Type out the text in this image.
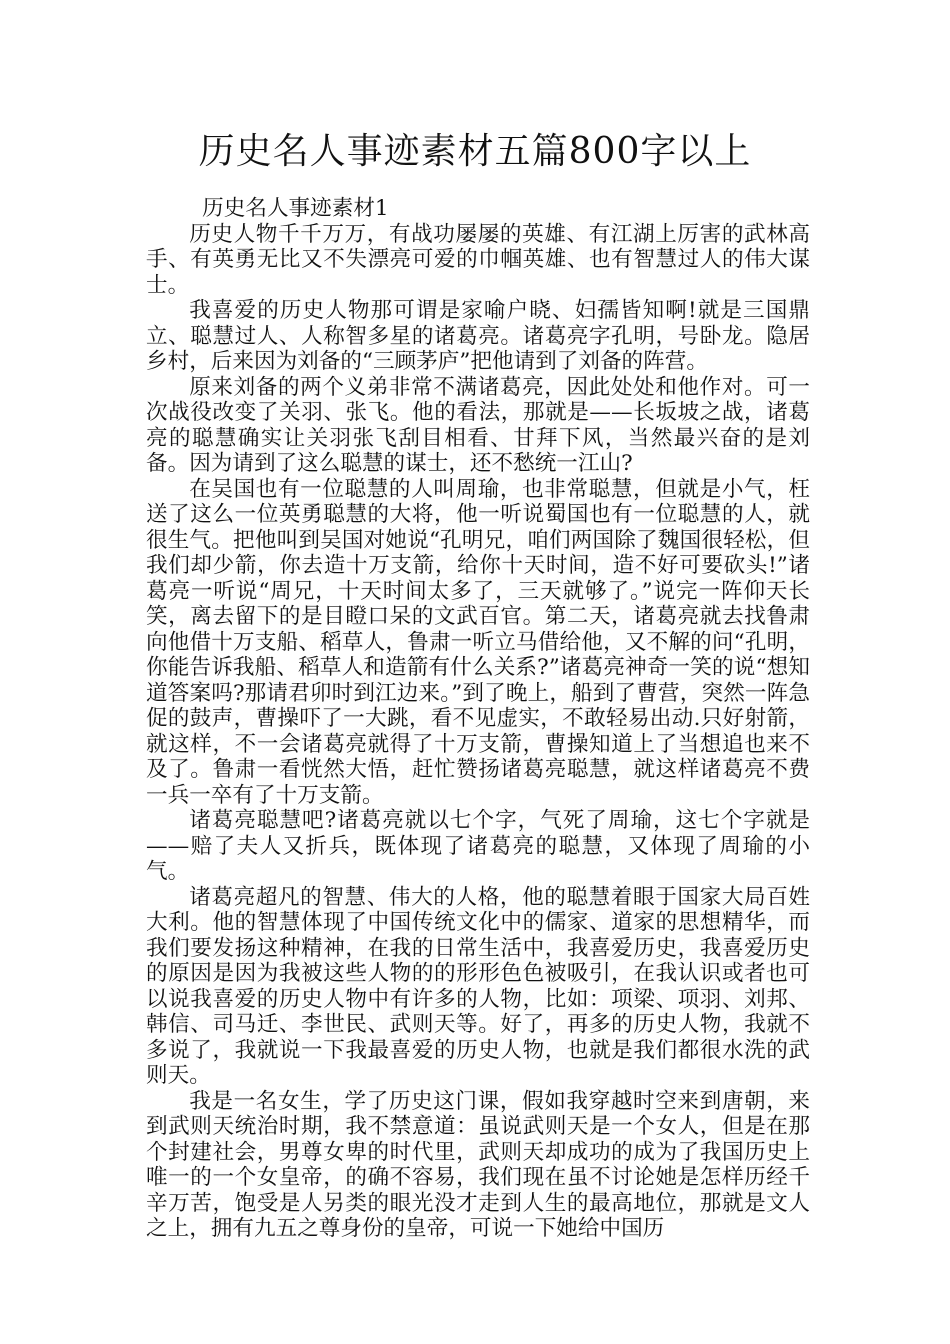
历史名人事迹素材五篇800字以上
历史名人事迹素材1

历史人物千千万万，有战功屡屡的英雄、有江湖上厉害的武林高手、有英勇无比又不失漂亮可爱的巾帼英雄、也有智慧过人的伟大谋士。

我喜爱的历史人物那可谓是家喻户晓、妇孺皆知啊!就是三国鼎立、聪慧过人、人称智多星的诸葛亮。诸葛亮字孔明，号卧龙。隐居乡村，后来因为刘备的“三顾茅庐”把他请到了刘备的阵营。

原来刘备的两个义弟非常不满诸葛亮，因此处处和他作对。可一次战役改变了关羽、张飞。他的看法，那就是——长坂坡之战，诸葛亮的聪慧确实让关羽张飞刮目相看、甘拜下风，当然最兴奋的是刘备。因为请到了这么聪慧的谋士，还不愁统一江山?

在吴国也有一位聪慧的人叫周瑜，也非常聪慧，但就是小气，枉送了这么一位英勇聪慧的大将，他一听说蜀国也有一位聪慧的人，就很生气。把他叫到吴国对她说“孔明兄，咱们两国除了魏国很轻松，但我们却少箭，你去造十万支箭，给你十天时间，造不好可要砍头!”诸葛亮一听说“周兄，十天时间太多了，三天就够了。”说完一阵仰天长笑，离去留下的是目瞪口呆的文武百官。第二天，诸葛亮就去找鲁肃向他借十万支船、稻草人，鲁肃一听立马借给他，又不解的问“孔明，你能告诉我船、稻草人和造箭有什么关系?”诸葛亮神奇一笑的说“想知道答案吗?那请君卯时到江边来。”到了晚上，船到了曹营，突然一阵急促的鼓声，曹操吓了一大跳，看不见虚实，不敢轻易出动.只好射箭，就这样，不一会诸葛亮就得了十万支箭，曹操知道上了当想追也来不及了。鲁肃一看恍然大悟，赶忙赞扬诸葛亮聪慧，就这样诸葛亮不费一兵一卒有了十万支箭。

诸葛亮聪慧吧?诸葛亮就以七个字，气死了周瑜，这七个字就是——赔了夫人又折兵，既体现了诸葛亮的聪慧，又体现了周瑜的小气。

诸葛亮超凡的智慧、伟大的人格，他的聪慧着眼于国家大局百姓大利。他的智慧体现了中国传统文化中的儒家、道家的思想精华，而我们要发扬这种精神，在我的日常生活中，我喜爱历史，我喜爱历史的原因是因为我被这些人物的的形形色色被吸引，在我认识或者也可以说我喜爱的历史人物中有许多的人物，比如：项梁、项羽、刘邦、韩信、司马迁、李世民、武则天等。好了，再多的历史人物，我就不多说了，我就说一下我最喜爱的历史人物，也就是我们都很水洗的武则天。

我是一名女生，学了历史这门课，假如我穿越时空来到唐朝，来到武则天统治时期，我不禁意道：虽说武则天是一个女人，但是在那个封建社会，男尊女卑的时代里，武则天却成功的成为了我国历史上唯一的一个女皇帝，的确不容易，我们现在虽不讨论她是怎样历经千辛万苦，饱受是人另类的眼光没才走到人生的最高地位，那就是文人之上，拥有九五之尊身份的皇帝，可说一下她给中国历
